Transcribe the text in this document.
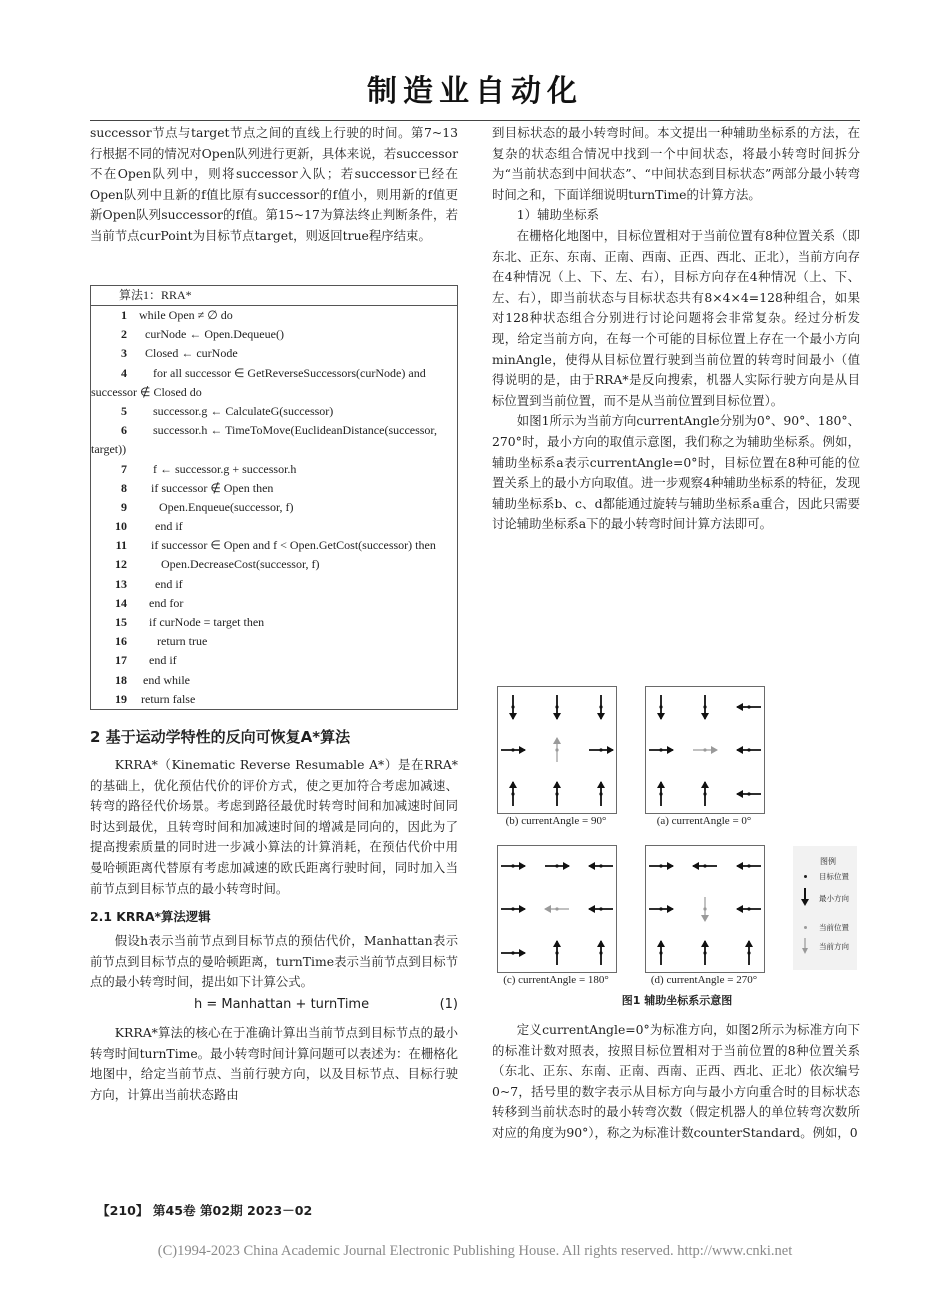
制造业自动化

successor节点与target节点之间的直线上行驶的时间。第7~13行根据不同的情况对Open队列进行更新，具体来说，若successor不在Open队列中，则将successor入队；若successor已经在Open队列中且新的f值比原有successor的f值小，则用新的f值更新Open队列successor的f值。第15~17为算法终止判断条件，若当前节点curPoint为目标节点target，则返回true程序结束。

算法1：RRA*
1 while Open ≠ ∅ do
2 curNode ← Open.Dequeue()
3 Closed ← curNode
4 for all successor ∈ GetReverseSuccessors(curNode) and
successor ∉ Closed do
5 successor.g ← CalculateG(successor)
6 successor.h ← TimeToMove(EuclideanDistance(successor,
target))
7 f ← successor.g + successor.h
8 if successor ∉ Open then
9	Open.Enqueue(successor, f)
10 end if
11 if successor ∈ Open and f < Open.GetCost(successor) then
12	Open.DecreaseCost(successor, f)
13 end if
14 end for
15 if curNode = target then
16	return true
17 end if
18 end while
19 return false
2 基于运动学特性的反向可恢复A*算法

KRRA*（Kinematic Reverse Resumable A*）是在RRA*的基础上，优化预估代价的评价方式，使之更加符合考虑加减速、转弯的路径代价场景。考虑到路径最优时转弯时间和加减速时间同时达到最优，且转弯时间和加减速时间的增减是同向的，因此为了提高搜索质量的同时进一步减小算法的计算消耗，在预估代价中用曼哈顿距离代替原有考虑加减速的欧氏距离行驶时间，同时加入当前节点到目标节点的最小转弯时间。

2.1 KRRA*算法逻辑

假设h表示当前节点到目标节点的预估代价，Manhattan表示前节点到目标节点的曼哈顿距离，turnTime表示当前节点到目标节点的最小转弯时间，提出如下计算公式。

h = Manhattan + turnTime	(1)

KRRA*算法的核心在于准确计算出当前节点到目标节点的最小转弯时间turnTime。最小转弯时间计算问题可以表述为：在栅格化地图中，给定当前节点、当前行驶方向，以及目标节点、目标行驶方向，计算出当前状态路由

到目标状态的最小转弯时间。本文提出一种辅助坐标系的方法，在复杂的状态组合情况中找到一个中间状态，将最小转弯时间拆分为“当前状态到中间状态”、“中间状态到目标状态”两部分最小转弯时间之和，下面详细说明turnTime的计算方法。

1）辅助坐标系

在栅格化地图中，目标位置相对于当前位置有8种位置关系（即东北、正东、东南、正南、西南、正西、西北、正北），当前方向存在4种情况（上、下、左、右），目标方向存在4种情况（上、下、左、右），即当前状态与目标状态共有8×4×4=128种组合，如果对128种状态组合分别进行讨论问题将会非常复杂。经过分析发现，给定当前方向，在每一个可能的目标位置上存在一个最小方向minAngle，使得从目标位置行驶到当前位置的转弯时间最小（值得说明的是，由于RRA*是反向搜索，机器人实际行驶方向是从目标位置到当前位置，而不是从当前位置到目标位置）。

如图1所示为当前方向currentAngle分别为0°、90°、180°、270°时，最小方向的取值示意图，我们称之为辅助坐标系。例如，辅助坐标系a表示currentAngle=0°时，目标位置在8种可能的位置关系上的最小方向取值。进一步观察4种辅助坐标系的特征，发现辅助坐标系b、c、d都能通过旋转与辅助坐标系a重合，因此只需要讨论辅助坐标系a下的最小转弯时间计算方法即可。

(b) currentAngle = 90°	(a) currentAngle = 0°
(c) currentAngle = 180°	(d) currentAngle = 270°
图例
目标位置
最小方向
当前位置
当前方向
图1 辅助坐标系示意图

定义currentAngle=0°为标准方向，如图2所示为标准方向下的标准计数对照表，按照目标位置相对于当前位置的8种位置关系（东北、正东、东南、正南、西南、正西、西北、正北）依次编号0~7，括号里的数字表示从目标方向与最小方向重合时的目标状态转移到当前状态时的最小转弯次数（假定机器人的单位转弯次数所对应的角度为90°），称之为标准计数counterStandard。例如，0

【210】 第45卷 第02期 2023－02
(C)1994-2023 China Academic Journal Electronic Publishing House. All rights reserved. http://www.cnki.net
